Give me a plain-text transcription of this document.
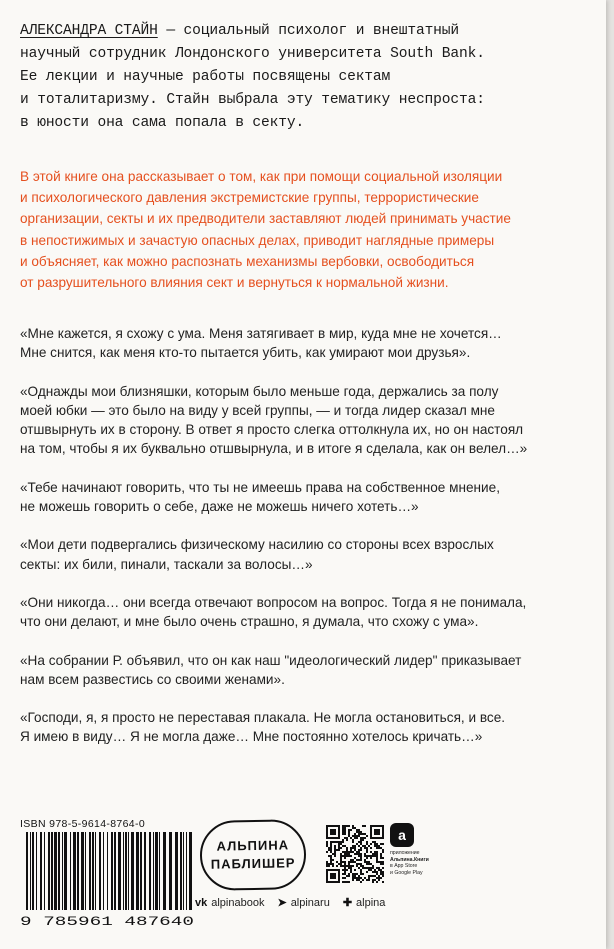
АЛЕКСАНДРА СТАЙН — социальный психолог и внештатный
научный сотрудник Лондонского университета South Bank.
Ее лекции и научные работы посвящены сектам
и тоталитаризму. Стайн выбрала эту тематику неспроста:
в юности она сама попала в секту.

В этой книге она рассказывает о том, как при помощи социальной изоляции
и психологического давления экстремистские группы, террористические
организации, секты и их предводители заставляют людей принимать участие
в непостижимых и зачастую опасных делах, приводит наглядные примеры
и объясняет, как можно распознать механизмы вербовки, освободиться
от разрушительного влияния сект и вернуться к нормальной жизни.

«Мне кажется, я схожу с ума. Меня затягивает в мир, куда мне не хочется…
Мне снится, как меня кто-то пытается убить, как умирают мои друзья».

«Однажды мои близняшки, которым было меньше года, держались за полу
моей юбки — это было на виду у всей группы, — и тогда лидер сказал мне
отшвырнуть их в сторону. В ответ я просто слегка оттолкнула их, но он настоял
на том, чтобы я их буквально отшвырнула, и в итоге я сделала, как он велел…»

«Тебе начинают говорить, что ты не имеешь права на собственное мнение,
не можешь говорить о себе, даже не можешь ничего хотеть…»

«Мои дети подвергались физическому насилию со стороны всех взрослых
секты: их били, пинали, таскали за волосы…»

«Они никогда… они всегда отвечают вопросом на вопрос. Тогда я не понимала,
что они делают, и мне было очень страшно, я думала, что схожу с ума».

«На собрании Р. объявил, что он как наш "идеологический лидер" приказывает
нам всем развестись со своими женами».

«Господи, я, я просто не переставая плакала. Не могла остановиться, и все.
Я имею в виду… Я не могла даже… Мне постоянно хотелось кричать…»

ISBN 978-5-9614-8764-0
9 785961 487640
АЛЬПИНА
ПАБЛИШЕР
a
приложение
Альпина.Книги
в App Store
и Google Play
vk alpinabook ➤ alpinaru ✚ alpina
